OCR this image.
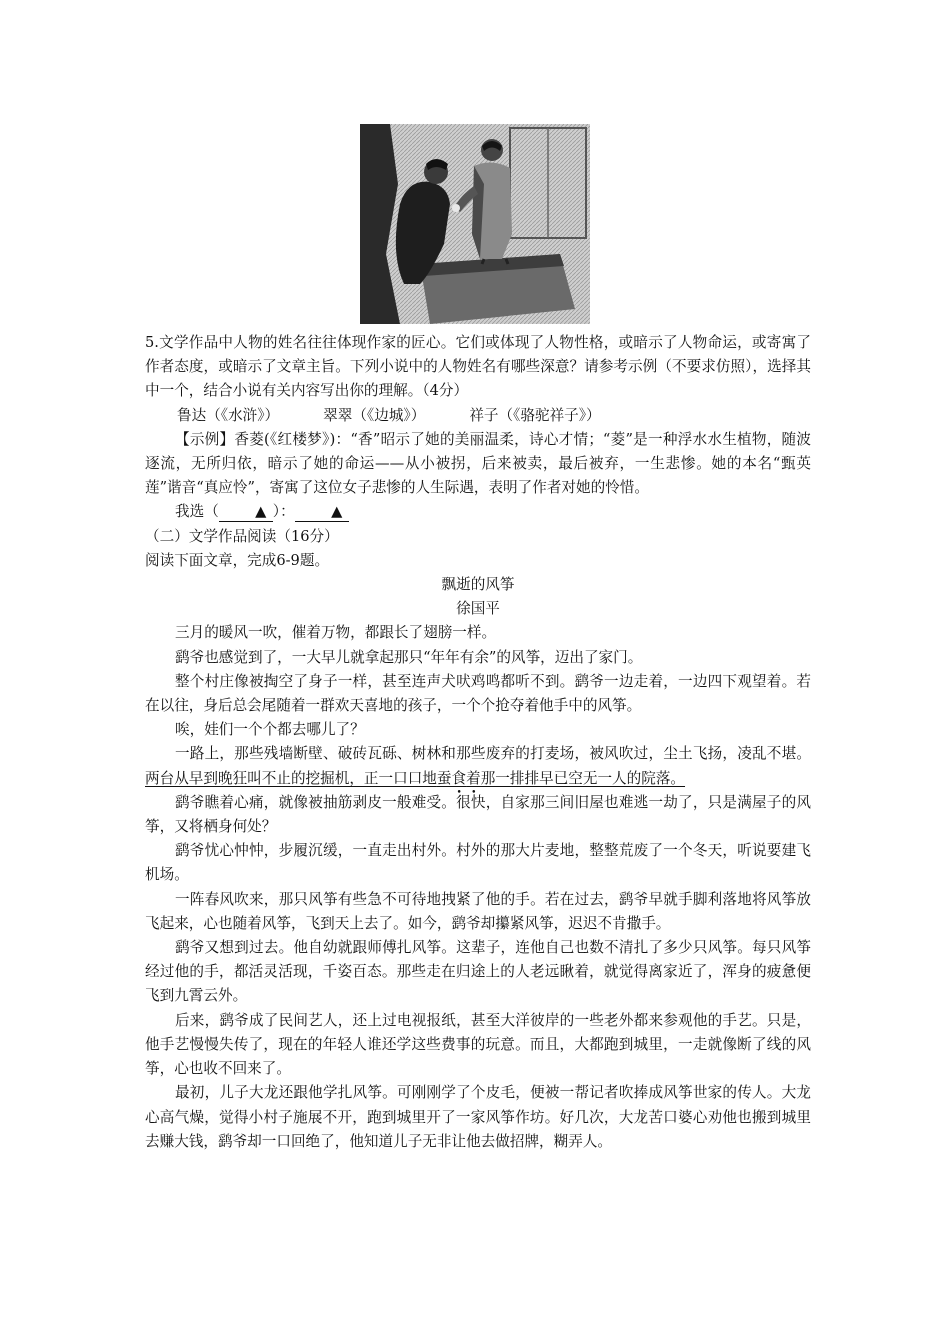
5.文学作品中人物的姓名往往体现作家的匠心。它们或体现了人物性格，或暗示了人物命运，或寄寓了作者态度，或暗示了文章主旨。下列小说中的人物姓名有哪些深意？请参考示例（不要求仿照），选择其中一个，结合小说有关内容写出你的理解。（4分）

鲁达（《水浒》）	翠翠（《边城》）	祥子（《骆驼祥子》）

【示例】香菱(《红楼梦》)：“香”昭示了她的美丽温柔，诗心才情；“菱”是一种浮水水生植物，随波逐流，无所归依，暗示了她的命运——从小被拐，后来被卖，最后被弃，一生悲惨。她的本名“甄英莲”谐音“真应怜”，寄寓了这位女子悲惨的人生际遇，表明了作者对她的怜惜。

我选（ ▲ ）： ▲

（二）文学作品阅读（16分）

阅读下面文章，完成6-9题。

飘逝的风筝

徐国平

三月的暖风一吹，催着万物，都跟长了翅膀一样。

鹞爷也感觉到了，一大早儿就拿起那只“年年有余”的风筝，迈出了家门。

整个村庄像被掏空了身子一样，甚至连声犬吠鸡鸣都听不到。鹞爷一边走着，一边四下观望着。若在以往，身后总会尾随着一群欢天喜地的孩子，一个个抢夺着他手中的风筝。

唉，娃们一个个都去哪儿了？

一路上，那些残墙断壁、破砖瓦砾、树林和那些废弃的打麦场，被风吹过，尘土飞扬，凌乱不堪。两台从早到晚狂叫不止的挖掘机，正一口口地蚕食着那一排排早已空无一人的院落。

鹞爷瞧着心痛，就像被抽筋剥皮一般难受。很快，自家那三间旧屋也难逃一劫了，只是满屋子的风筝，又将栖身何处？

鹞爷忧心忡忡，步履沉缓，一直走出村外。村外的那大片麦地，整整荒废了一个冬天，听说要建飞机场。

一阵春风吹来，那只风筝有些急不可待地拽紧了他的手。若在过去，鹞爷早就手脚利落地将风筝放飞起来，心也随着风筝，飞到天上去了。如今，鹞爷却攥紧风筝，迟迟不肯撒手。

鹞爷又想到过去。他自幼就跟师傅扎风筝。这辈子，连他自己也数不清扎了多少只风筝。每只风筝经过他的手，都活灵活现，千姿百态。那些走在归途上的人老远瞅着，就觉得离家近了，浑身的疲惫便飞到九霄云外。

后来，鹞爷成了民间艺人，还上过电视报纸，甚至大洋彼岸的一些老外都来参观他的手艺。只是，他手艺慢慢失传了，现在的年轻人谁还学这些费事的玩意。而且，大都跑到城里，一走就像断了线的风筝，心也收不回来了。

最初，儿子大龙还跟他学扎风筝。可刚刚学了个皮毛，便被一帮记者吹捧成风筝世家的传人。大龙心高气燥，觉得小村子施展不开，跑到城里开了一家风筝作坊。好几次，大龙苦口婆心劝他也搬到城里去赚大钱，鹞爷却一口回绝了，他知道儿子无非让他去做招牌，糊弄人。
